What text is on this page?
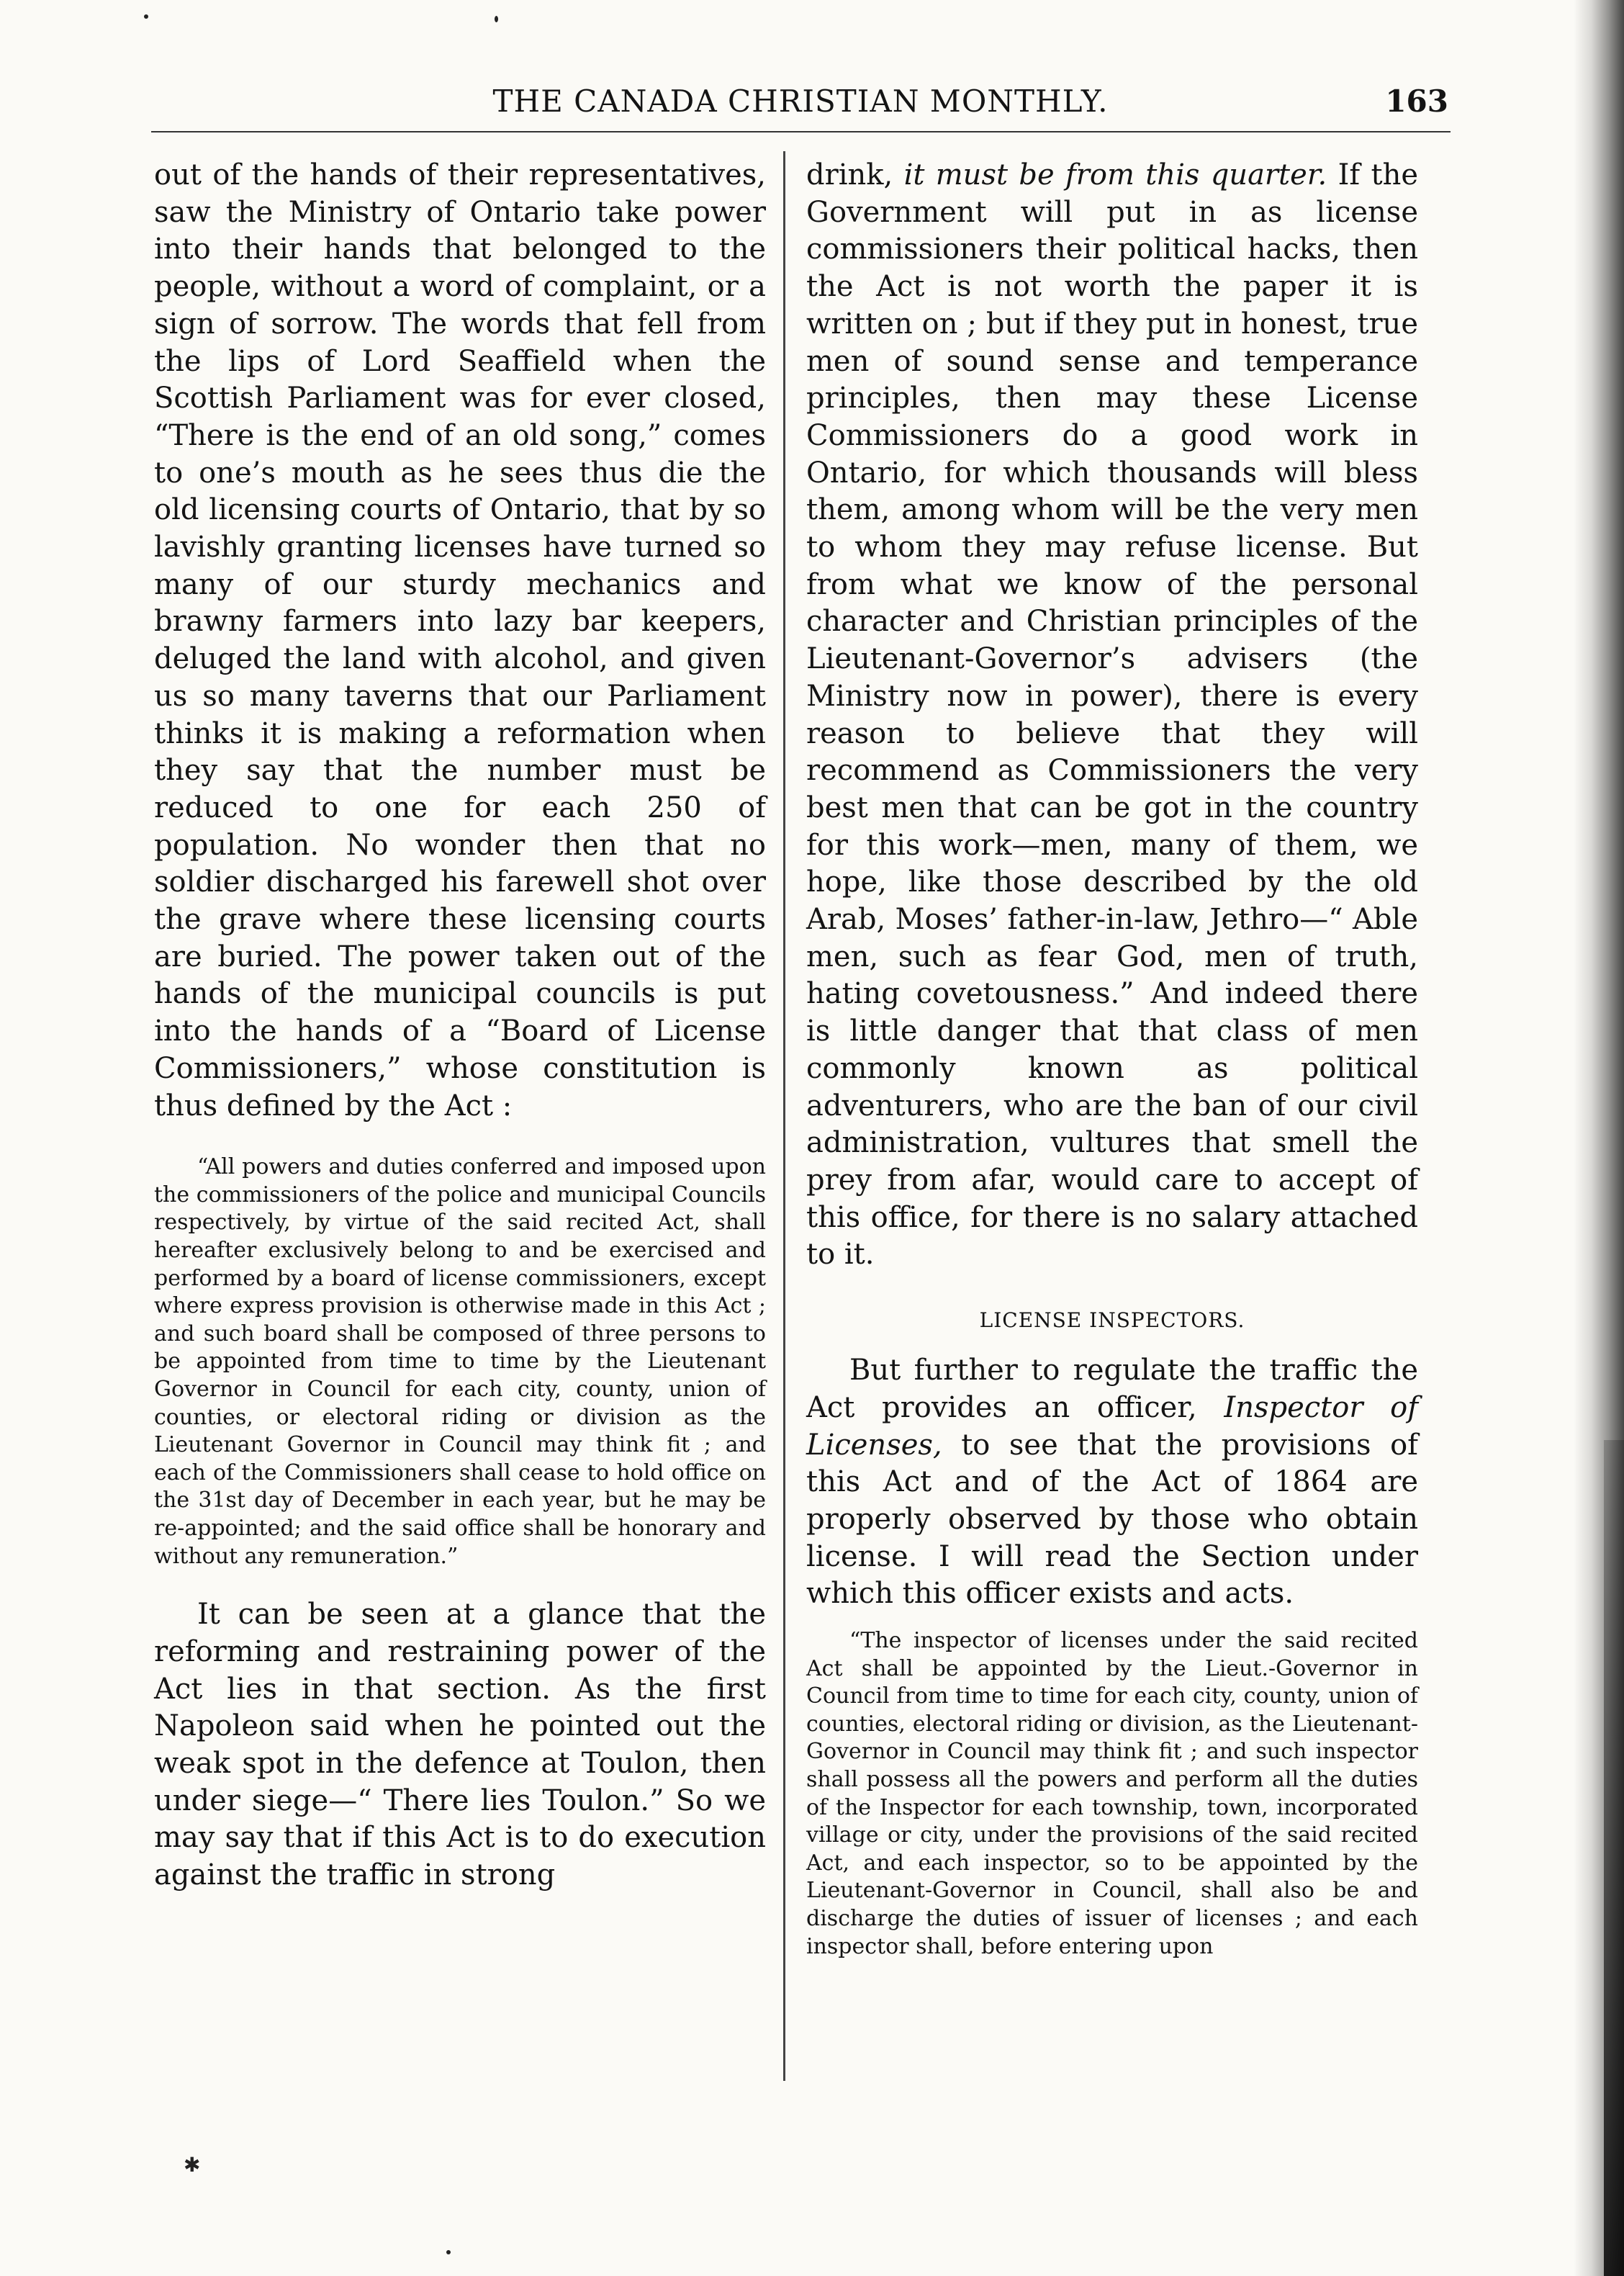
THE CANADA CHRISTIAN MONTHLY.	163

out of the hands of their representatives, saw the Ministry of Ontario take power into their hands that belonged to the people, without a word of complaint, or a sign of sorrow. The words that fell from the lips of Lord Seaffield when the Scottish Parliament was for ever closed, “There is the end of an old song,” comes to one’s mouth as he sees thus die the old licensing courts of Ontario, that by so lavishly granting licenses have turned so many of our sturdy mechanics and brawny farmers into lazy bar keepers, deluged the land with alcohol, and given us so many taverns that our Parliament thinks it is making a reformation when they say that the number must be reduced to one for each 250 of population. No wonder then that no soldier discharged his farewell shot over the grave where these licensing courts are buried. The power taken out of the hands of the municipal councils is put into the hands of a “Board of License Commissioners,” whose constitution is thus defined by the Act :

“All powers and duties conferred and imposed upon the commissioners of the police and municipal Councils respectively, by virtue of the said recited Act, shall hereafter exclusively belong to and be exercised and performed by a board of license commissioners, except where express provision is otherwise made in this Act ; and such board shall be composed of three persons to be appointed from time to time by the Lieutenant Governor in Council for each city, county, union of counties, or electoral riding or division as the Lieutenant Governor in Council may think fit ; and each of the Commissioners shall cease to hold office on the 31st day of December in each year, but he may be re-appointed; and the said office shall be honorary and without any remuneration.”

It can be seen at a glance that the reforming and restraining power of the Act lies in that section. As the first Napoleon said when he pointed out the weak spot in the defence at Toulon, then under siege—“ There lies Toulon.” So we may say that if this Act is to do execution against the traffic in strong

drink, it must be from this quarter. If the Government will put in as license commissioners their political hacks, then the Act is not worth the paper it is written on ; but if they put in honest, true men of sound sense and temperance principles, then may these License Commissioners do a good work in Ontario, for which thousands will bless them, among whom will be the very men to whom they may refuse license. But from what we know of the personal character and Christian principles of the Lieutenant-Governor’s advisers (the Ministry now in power), there is every reason to believe that they will recommend as Commissioners the very best men that can be got in the country for this work—men, many of them, we hope, like those described by the old Arab, Moses’ father-in-law, Jethro—“ Able men, such as fear God, men of truth, hating covetousness.” And indeed there is little danger that that class of men commonly known as political adventurers, who are the ban of our civil administration, vultures that smell the prey from afar, would care to accept of this office, for there is no salary attached to it.

LICENSE INSPECTORS.

But further to regulate the traffic the Act provides an officer, Inspector of Licenses, to see that the provisions of this Act and of the Act of 1864 are properly observed by those who obtain license. I will read the Section under which this officer exists and acts.

“The inspector of licenses under the said recited Act shall be appointed by the Lieut.-Governor in Council from time to time for each city, county, union of counties, electoral riding or division, as the Lieutenant-Governor in Council may think fit ; and such inspector shall possess all the powers and perform all the duties of the Inspector for each township, town, incorporated village or city, under the provisions of the said recited Act, and each inspector, so to be appointed by the Lieutenant-Governor in Council, shall also be and discharge the duties of issuer of licenses ; and each inspector shall, before entering upon

✱
